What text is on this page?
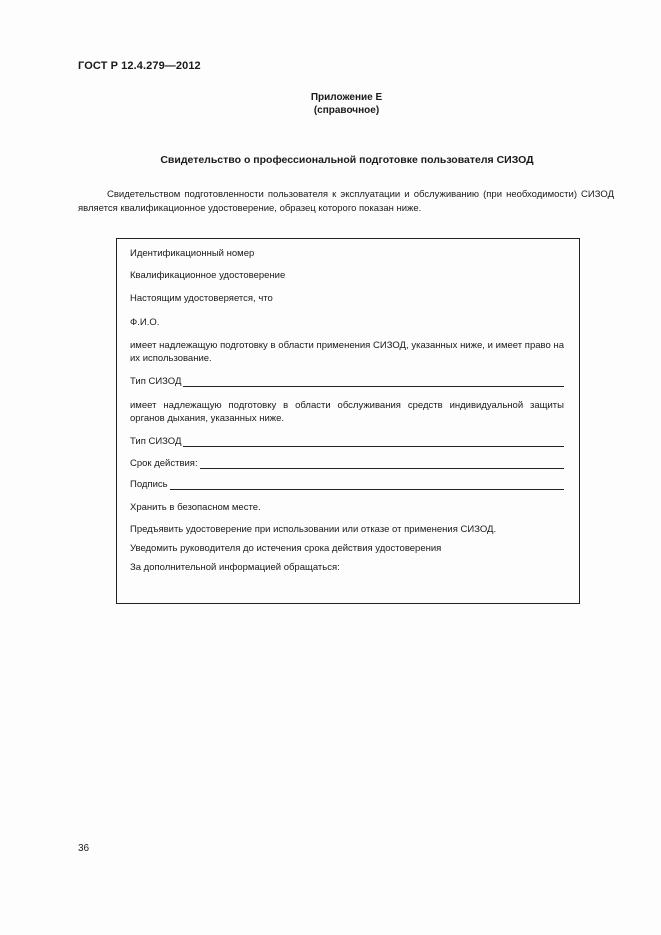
ГОСТ Р 12.4.279—2012
Приложение Е
(справочное)
Свидетельство о профессиональной подготовке пользователя СИЗОД
Свидетельством подготовленности пользователя к эксплуатации и обслуживанию (при необходимости) СИЗОД является квалификационное удостоверение, образец которого показан ниже.
Идентификационный номер
Квалификационное удостоверение
Настоящим удостоверяется, что
Ф.И.О.
имеет надлежащую подготовку в области применения СИЗОД, указанных ниже, и имеет право на их использование.
Тип СИЗОД
имеет надлежащую подготовку в области обслуживания средств индивидуальной защиты органов дыхания, указанных ниже.
Тип СИЗОД
Срок действия:
Подпись
Хранить в безопасном месте.
Предъявить удостоверение при использовании или отказе от применения СИЗОД.
Уведомить руководителя до истечения срока действия удостоверения
За дополнительной информацией обращаться:
36
